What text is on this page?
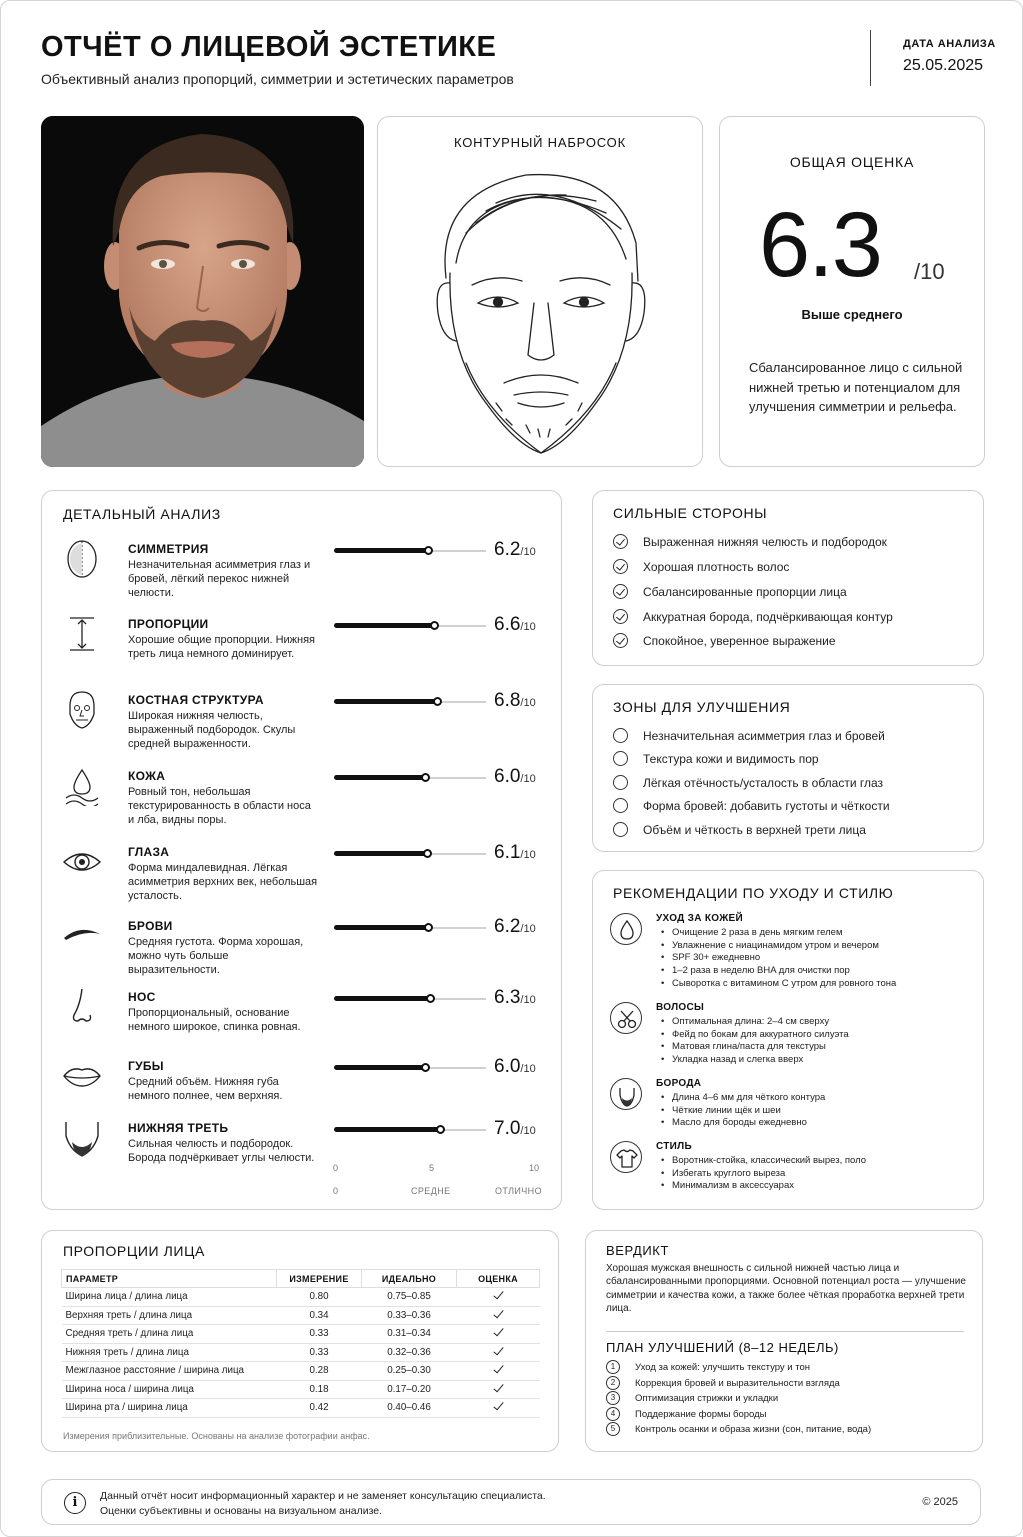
ОТЧЁТ О ЛИЦЕВОЙ ЭСТЕТИКЕ
Объективный анализ пропорций, симметрии и эстетических параметров
ДАТА АНАЛИЗА
25.05.2025
КОНТУРНЫЙ НАБРОСОК
ОБЩАЯ ОЦЕНКА
6.3 /10
Выше среднего
Сбалансированное лицо с сильной нижней третью и потенциалом для улучшения симметрии и рельефа.
ДЕТАЛЬНЫЙ АНАЛИЗ
СИММЕТРИЯ
Незначительная асимметрия глаз и бровей, лёгкий перекос нижней челюсти.
6.2/10
ПРОПОРЦИИ
Хорошие общие пропорции. Нижняя треть лица немного доминирует.
6.6/10
КОСТНАЯ СТРУКТУРА
Широкая нижняя челюсть, выраженный подбородок. Скулы средней выраженности.
6.8/10
КОЖА
Ровный тон, небольшая текстурированность в области носа и лба, видны поры.
6.0/10
ГЛАЗА
Форма миндалевидная. Лёгкая асимметрия верхних век, небольшая усталость.
6.1/10
БРОВИ
Средняя густота. Форма хорошая, можно чуть больше выразительности.
6.2/10
НОС
Пропорциональный, основание немного широкое, спинка ровная.
6.3/10
ГУБЫ
Средний объём. Нижняя губа немного полнее, чем верхняя.
6.0/10
НИЖНЯЯ ТРЕТЬ
Сильная челюсть и подбородок. Борода подчёркивает углы челюсти.
7.0/10
0	5	10
0	СРЕДНЕ	ОТЛИЧНО
СИЛЬНЫЕ СТОРОНЫ
Выраженная нижняя челюсть и подбородок
Хорошая плотность волос
Сбалансированные пропорции лица
Аккуратная борода, подчёркивающая контур
Спокойное, уверенное выражение
ЗОНЫ ДЛЯ УЛУЧШЕНИЯ
Незначительная асимметрия глаз и бровей
Текстура кожи и видимость пор
Лёгкая отёчность/усталость в области глаз
Форма бровей: добавить густоты и чёткости
Объём и чёткость в верхней трети лица
РЕКОМЕНДАЦИИ ПО УХОДУ И СТИЛЮ
УХОД ЗА КОЖЕЙ
• Очищение 2 раза в день мягким гелем
• Увлажнение с ниацинамидом утром и вечером
• SPF 30+ ежедневно
• 1–2 раза в неделю BHA для очистки пор
• Сыворотка с витамином C утром для ровного тона
ВОЛОСЫ
• Оптимальная длина: 2–4 см сверху
• Фейд по бокам для аккуратного силуэта
• Матовая глина/паста для текстуры
• Укладка назад и слегка вверх
БОРОДА
• Длина 4–6 мм для чёткого контура
• Чёткие линии щёк и шеи
• Масло для бороды ежедневно
СТИЛЬ
• Воротник-стойка, классический вырез, поло
• Избегать круглого выреза
• Минимализм в аксессуарах
ПРОПОРЦИИ ЛИЦА
ПАРАМЕТР	ИЗМЕРЕНИЕ	ИДЕАЛЬНО	ОЦЕНКА
Ширина лица / длина лица	0.80	0.75–0.85	
Верхняя треть / длина лица	0.34	0.33–0.36	
Средняя треть / длина лица	0.33	0.31–0.34	
Нижняя треть / длина лица	0.33	0.32–0.36	
Межглазное расстояние / ширина лица	0.28	0.25–0.30	
Ширина носа / ширина лица	0.18	0.17–0.20	
Ширина рта / ширина лица	0.42	0.40–0.46	
Измерения приблизительные. Основаны на анализе фотографии анфас.
ВЕРДИКТ
Хорошая мужская внешность с сильной нижней частью лица и сбалансированными пропорциями. Основной потенциал роста — улучшение симметрии и качества кожи, а также более чёткая проработка верхней трети лица.
ПЛАН УЛУЧШЕНИЙ (8–12 НЕДЕЛЬ)
1	Уход за кожей: улучшить текстуру и тон
2	Коррекция бровей и выразительности взгляда
3	Оптимизация стрижки и укладки
4	Поддержание формы бороды
5	Контроль осанки и образа жизни (сон, питание, вода)
i	Данный отчёт носит информационный характер и не заменяет консультацию специалиста.
Оценки субъективны и основаны на визуальном анализе.
© 2025
